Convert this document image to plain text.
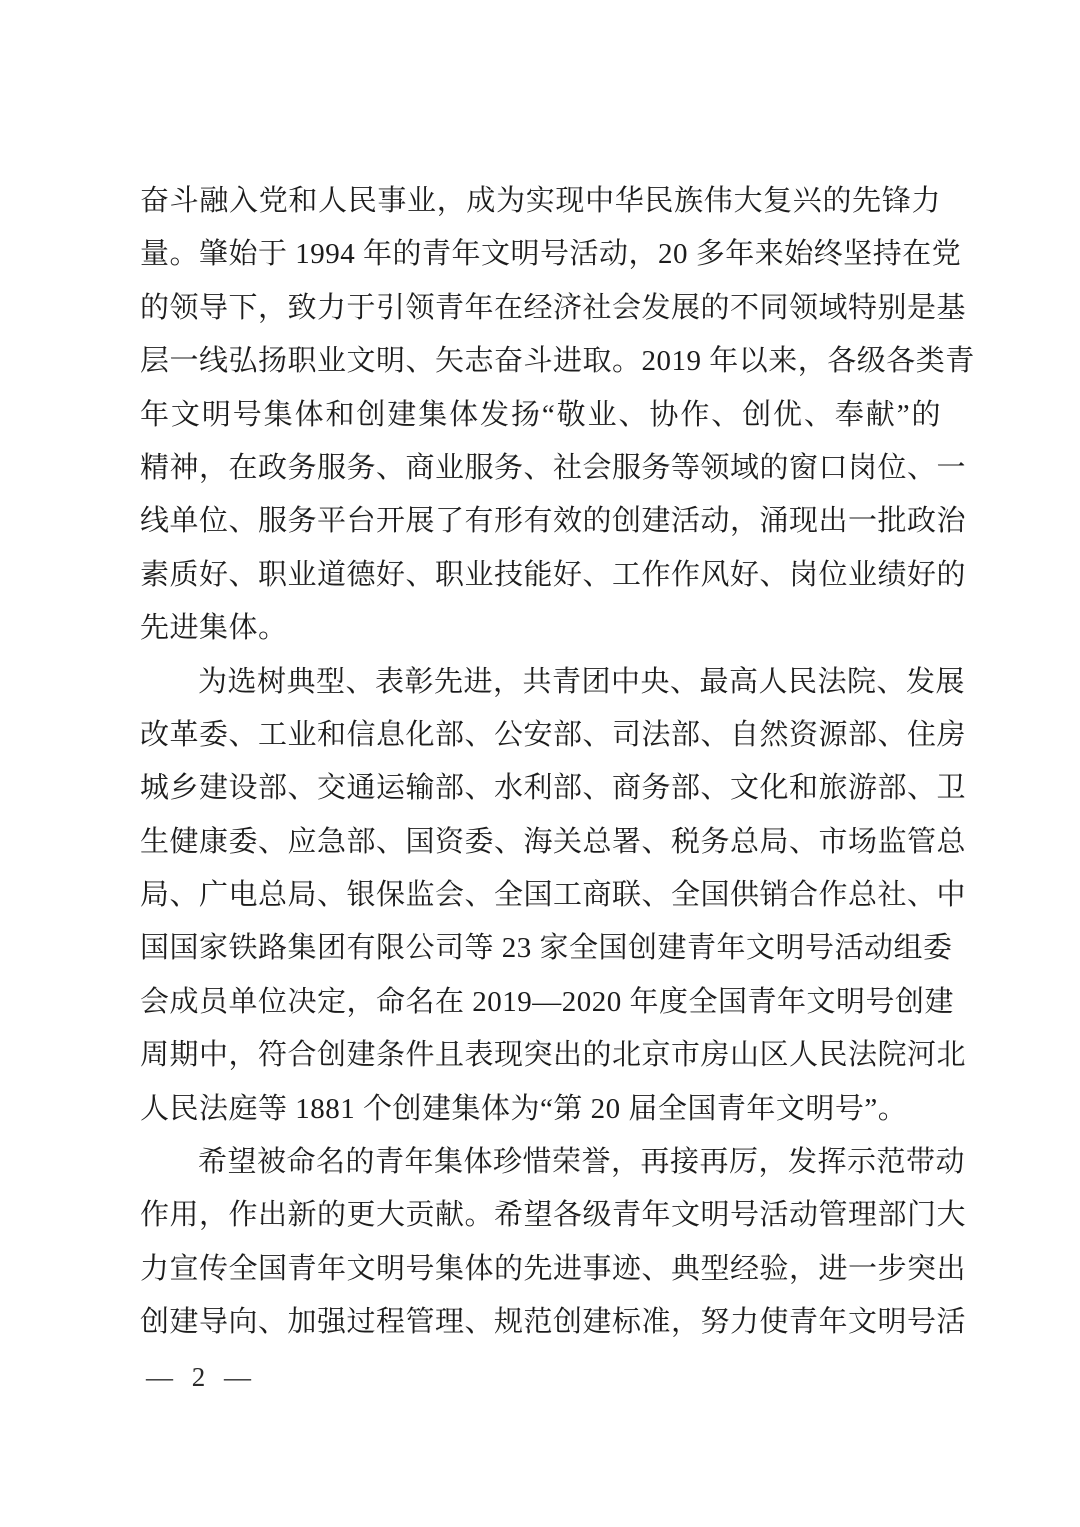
奋斗融入党和人民事业，成为实现中华民族伟大复兴的先锋力
量。肇始于 1994 年的青年文明号活动，20 多年来始终坚持在党
的领导下，致力于引领青年在经济社会发展的不同领域特别是基
层一线弘扬职业文明、矢志奋斗进取。2019 年以来，各级各类青
年文明号集体和创建集体发扬“敬业、协作、创优、奉献”的
精神，在政务服务、商业服务、社会服务等领域的窗口岗位、一
线单位、服务平台开展了有形有效的创建活动，涌现出一批政治
素质好、职业道德好、职业技能好、工作作风好、岗位业绩好的
先进集体。
为选树典型、表彰先进，共青团中央、最高人民法院、发展
改革委、工业和信息化部、公安部、司法部、自然资源部、住房
城乡建设部、交通运输部、水利部、商务部、文化和旅游部、卫
生健康委、应急部、国资委、海关总署、税务总局、市场监管总
局、广电总局、银保监会、全国工商联、全国供销合作总社、中
国国家铁路集团有限公司等 23 家全国创建青年文明号活动组委
会成员单位决定，命名在 2019—2020 年度全国青年文明号创建
周期中，符合创建条件且表现突出的北京市房山区人民法院河北
人民法庭等 1881 个创建集体为“第 20 届全国青年文明号”。
希望被命名的青年集体珍惜荣誉，再接再厉，发挥示范带动
作用，作出新的更大贡献。希望各级青年文明号活动管理部门大
力宣传全国青年文明号集体的先进事迹、典型经验，进一步突出
创建导向、加强过程管理、规范创建标准，努力使青年文明号活
— 2 —
